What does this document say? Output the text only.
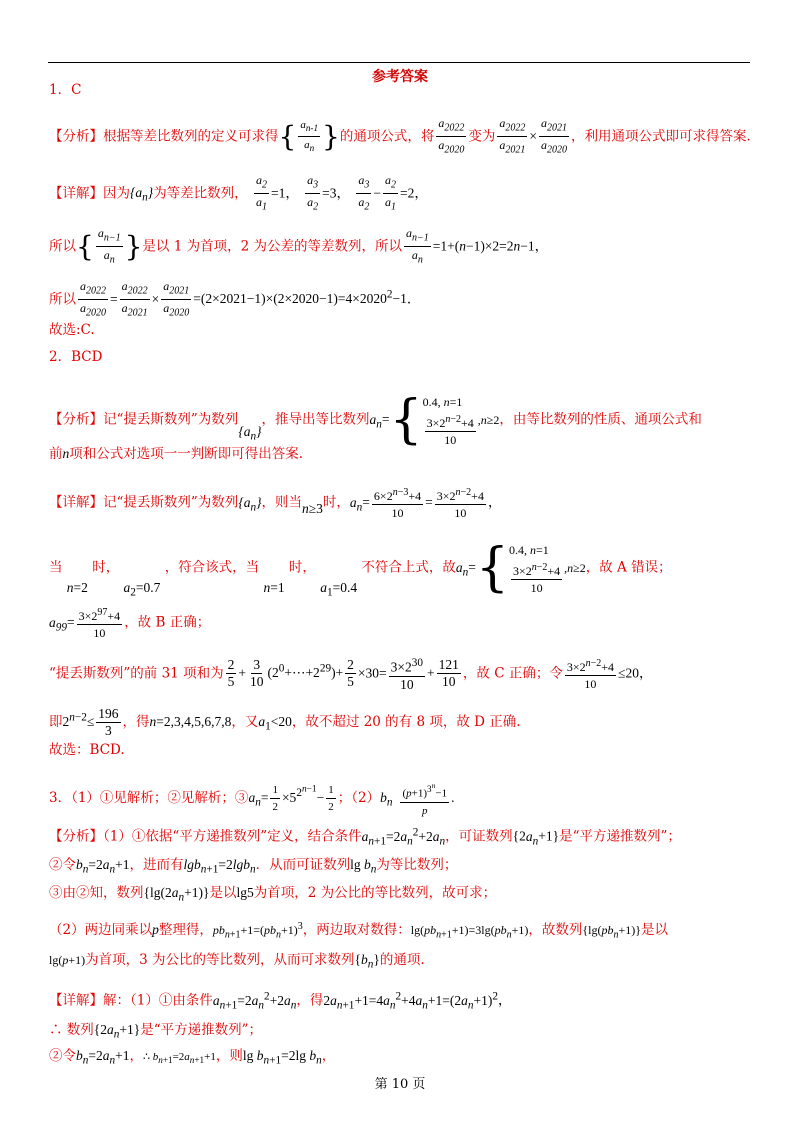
参考答案
1．C
【分析】根据等差比数列的定义可求得{ $\frac{a_{n-1}}{a_n}$ }的通项公式，将 $\frac{a_{2022}}{a_{2020}}$ 变为 $\frac{a_{2022}}{a_{2021}} \times \frac{a_{2021}}{a_{2020}}$ ，利用通项公式即可求得答案.
【详解】因为$\{a_n\}$为等差比数列， $\frac{a_2}{a_1} =1$， $\frac{a_3}{a_2} =3$， $\frac{a_3}{a_2} - \frac{a_2}{a_1} =2$，
所以{ $\frac{a_{n-1}}{a_n}$ }是以 1 为首项，2 为公差的等差数列，所以 $\frac{a_{n-1}}{a_n} =1+(n-1)\times 2=2n-1$，
所以 $\frac{a_{2022}}{a_{2020}} = \frac{a_{2022}}{a_{2021}} \times \frac{a_{2021}}{a_{2020}} =(2\times 2021-1)\times(2\times 2020-1)=4\times 2020^2-1$.
故选:C.
2．BCD
【分析】记“提丢斯数列”为数列$\{a_n\}$，推导出等比数列$a_n=$ { 0.4, n=1
$\frac{3\times 2^{n-2}+4}{10} ,n\ge 2$ ，由等比数列的性质、通项公式和
前n项和公式对选项一一判断即可得出答案.
【详解】记“提丢斯数列”为数列$\{a_n\}$，则当n≥3时，$a_n= \frac{6\times 2^{n-3}+4}{10} = \frac{3\times 2^{n-2}+4}{10}$ ，
当 n=2 时， $a_2=0.7$ ，符合该式，当 n=1 时， $a_1=0.4$ 不符合上式，故$a_n=$ { 0.4, n=1
$\frac{3\times 2^{n-2}+4}{10} ,n\ge 2$ ，故 A 错误；
$a_{99}= \frac{3\times 2^{97}+4}{10}$ ，故 B 正确；
“提丢斯数列”的前 31 项和为 $\frac{2}{5} + \frac{3}{10}$ $(2^0+\cdots+2^{29})+ \frac{2}{5} \times 30= \frac{3\times 2^{30}}{10} + \frac{121}{10}$ ，故 C 正确；令 $\frac{3\times 2^{n-2}+4}{10} \le 20$，
即$2^{n-2}\le \frac{196}{3}$ ，得n=2,3,4,5,6,7,8，又$a_1<20$，故不超过 20 的有 8 项，故 D 正确.
故选：BCD.
3．（1）①见解析；②见解析；$③a_n= \frac{1}{2} \times 5^{2^{n-1}}- \frac{1}{2}$ ；$(2)b_n \frac{(p+1)^{3^n}-1}{p}$ .
【分析】（1）①依据“平方递推数列”定义，结合条件$a_{n+1}=2a_n^2+2a_n$，可证数列$\{2a_n+1\}$是“平方递推数列”；
②令$b_n=2a_n+1$，进而有lgb$_{n+1}$=2lgb$_n$．从而可证数列$\lg b_n$为等比数列；
③由②知，数列$\{\lg(2a_n+1)\}$是以lg5为首项，2 为公比的等比数列，故可求；
（2）两边同乘以p整理得，$pb_{n+1}+1=(pb_n+1)^3$，两边取对数得：$\lg(pb_{n+1}+1)=3\lg(pb_n+1)$，故数列$\{\lg(pb_n+1)\}$是以
lg(p+1)为首项，3 为公比的等比数列，从而可求数列$\{b_n\}$的通项.
【详解】解：（1）①由条件$a_{n+1}=2a_n^2+2a_n$，得$2a_{n+1}+1=4a_n^2+4a_n+1=(2a_n+1)^2$，
∴ 数列$\{2a_n+1\}$是“平方递推数列”；
②令$b_n=2a_n+1$，∴ $b_{n+1}=2a_{n+1}+1$，则$\lg b_{n+1}=2\lg$ $b_n$，
第 10 页
